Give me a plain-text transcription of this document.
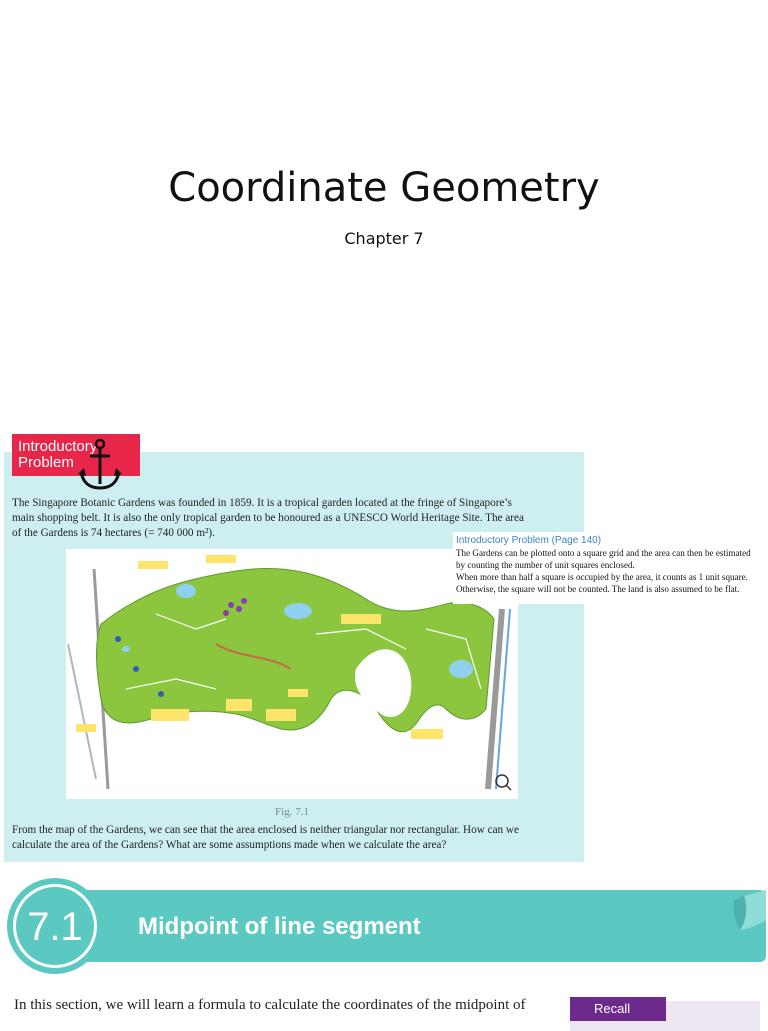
Coordinate Geometry
Chapter 7
Introductory
Problem
The Singapore Botanic Gardens was founded in 1859. It is a tropical garden located at the fringe of Singapore’s
main shopping belt. It is also the only tropical garden to be honoured as a UNESCO World Heritage Site. The area
of the Gardens is 74 hectares (= 740 000 m²).
Fig. 7.1
From the map of the Gardens, we can see that the area enclosed is neither triangular nor rectangular. How can we
calculate the area of the Gardens? What are some assumptions made when we calculate the area?
Introductory Problem (Page 140)
The Gardens can be plotted onto a square grid and the area can then be estimated
by counting the number of unit squares enclosed.
When more than half a square is occupied by the area, it counts as 1 unit square.
Otherwise, the square will not be counted. The land is also assumed to be flat.
7.1	Midpoint of line segment
In this section, we will learn a formula to calculate the coordinates of the midpoint of	Recall
